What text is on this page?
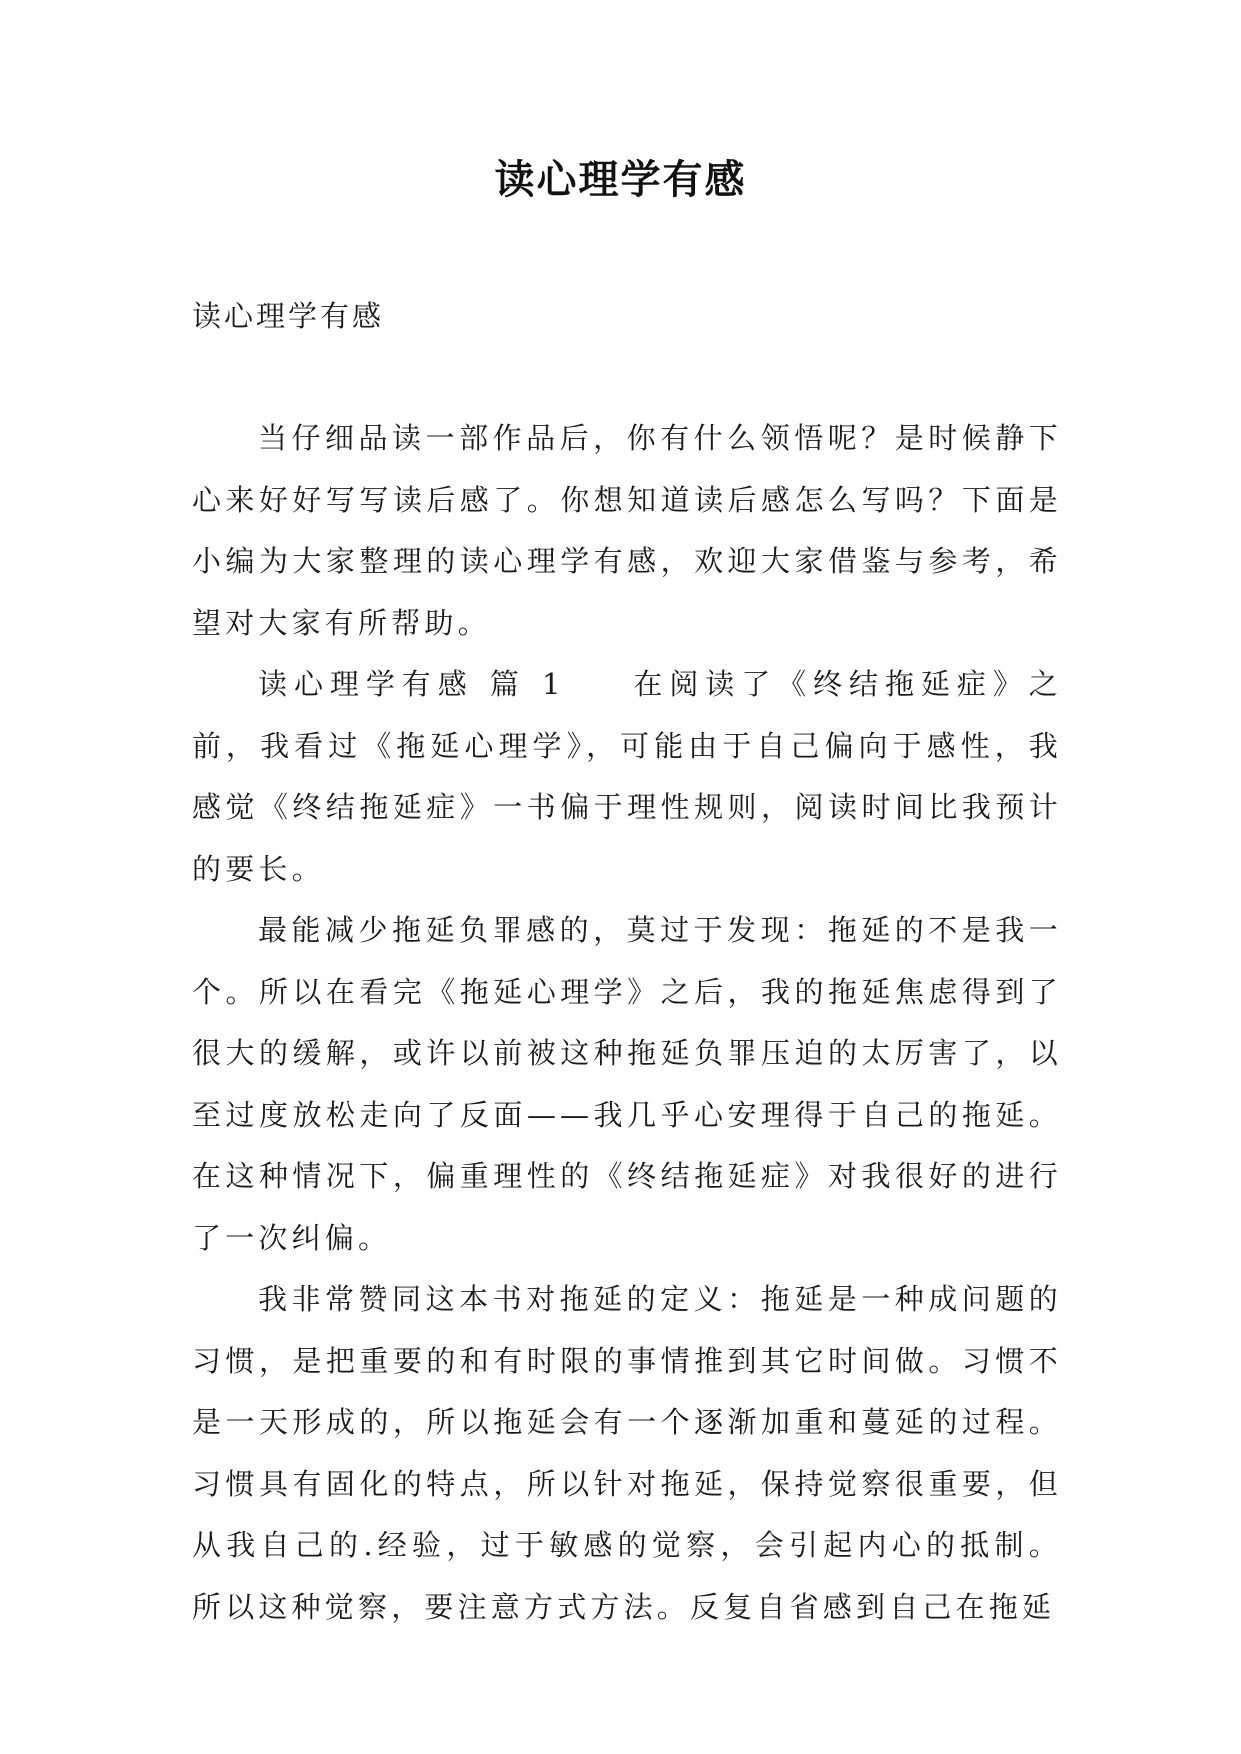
读心理学有感
读心理学有感

当仔细品读一部作品后，你有什么领悟呢？是时候静下心来好好写写读后感了。你想知道读后感怎么写吗？下面是小编为大家整理的读心理学有感，欢迎大家借鉴与参考，希望对大家有所帮助。

读心理学有感 篇 1 在阅读了《终结拖延症》之前，我看过《拖延心理学》，可能由于自己偏向于感性，我感觉《终结拖延症》一书偏于理性规则，阅读时间比我预计的要长。

最能减少拖延负罪感的，莫过于发现：拖延的不是我一个。所以在看完《拖延心理学》之后，我的拖延焦虑得到了很大的缓解，或许以前被这种拖延负罪压迫的太厉害了，以至过度放松走向了反面——我几乎心安理得于自己的拖延。在这种情况下，偏重理性的《终结拖延症》对我很好的进行了一次纠偏。

我非常赞同这本书对拖延的定义：拖延是一种成问题的习惯，是把重要的和有时限的事情推到其它时间做。习惯不是一天形成的，所以拖延会有一个逐渐加重和蔓延的过程。习惯具有固化的特点，所以针对拖延，保持觉察很重要，但从我自己的.经验，过于敏感的觉察，会引起内心的抵制。所以这种觉察，要注意方式方法。反复自省感到自己在拖延
